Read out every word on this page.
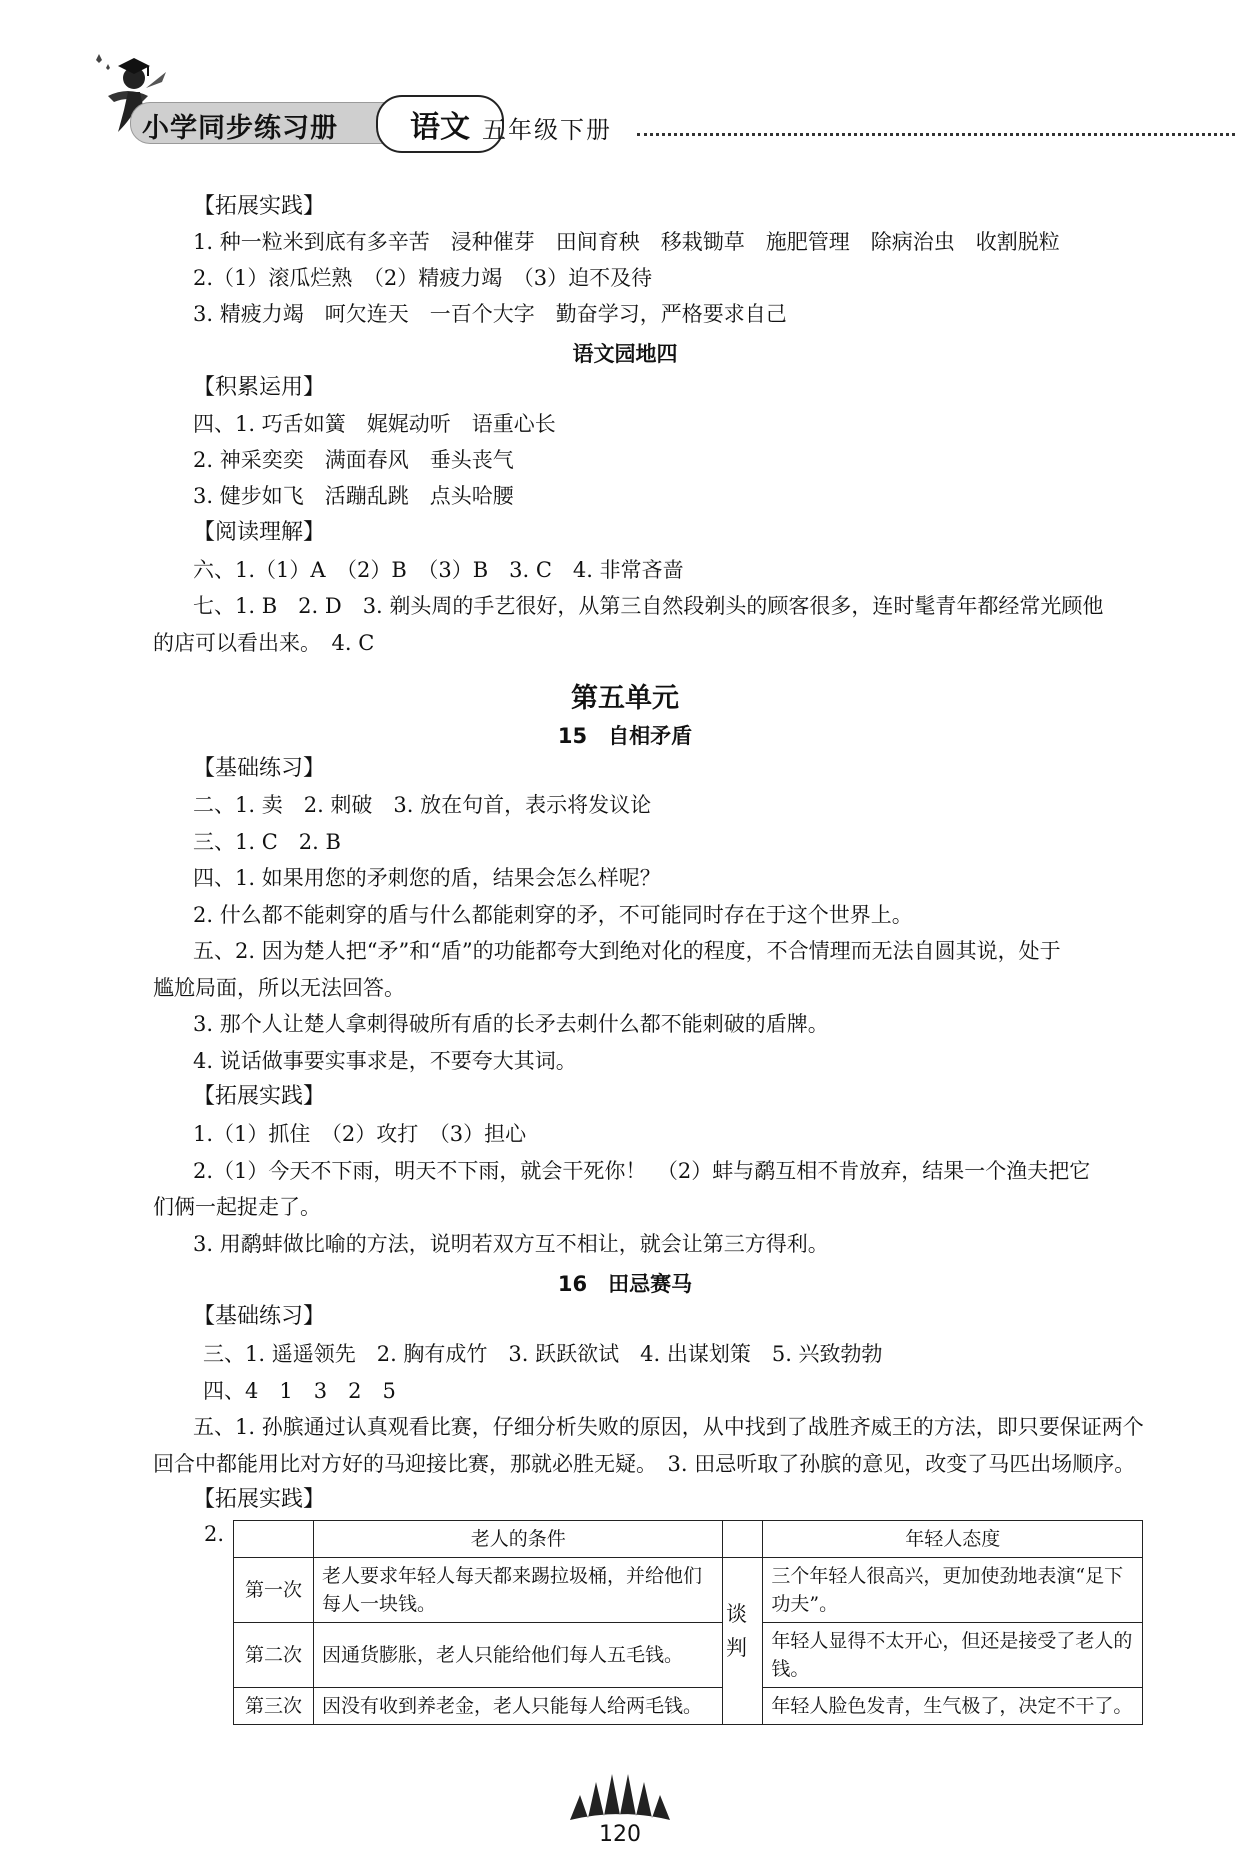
小学同步练习册 语文 五年级下册
【拓展实践】
1. 种一粒米到底有多辛苦　浸种催芽　田间育秧　移栽锄草　施肥管理　除病治虫　收割脱粒
2.（1）滚瓜烂熟　（2）精疲力竭　（3）迫不及待
3. 精疲力竭　呵欠连天　一百个大字　勤奋学习，严格要求自己
语文园地四
【积累运用】
四、1. 巧舌如簧　娓娓动听　语重心长
2. 神采奕奕　满面春风　垂头丧气
3. 健步如飞　活蹦乱跳　点头哈腰
【阅读理解】
六、1.（1）A　（2）B　（3）B　3. C　4. 非常吝啬
七、1. B　2. D　3. 剃头周的手艺很好，从第三自然段剃头的顾客很多，连时髦青年都经常光顾他
的店可以看出来。　4. C
第五单元
15　自相矛盾
【基础练习】
二、1. 卖　2. 刺破　3. 放在句首，表示将发议论
三、1. C　2. B
四、1. 如果用您的矛刺您的盾，结果会怎么样呢？
2. 什么都不能刺穿的盾与什么都能刺穿的矛，不可能同时存在于这个世界上。
五、2. 因为楚人把“矛”和“盾”的功能都夸大到绝对化的程度，不合情理而无法自圆其说，处于
尴尬局面，所以无法回答。
3. 那个人让楚人拿刺得破所有盾的长矛去刺什么都不能刺破的盾牌。
4. 说话做事要实事求是，不要夸大其词。
【拓展实践】
1.（1）抓住　（2）攻打　（3）担心
2.（1）今天不下雨，明天不下雨，就会干死你！　（2）蚌与鹬互相不肯放弃，结果一个渔夫把它
们俩一起捉走了。
3. 用鹬蚌做比喻的方法，说明若双方互不相让，就会让第三方得利。
16　田忌赛马
【基础练习】
三、1. 遥遥领先　2. 胸有成竹　3. 跃跃欲试　4. 出谋划策　5. 兴致勃勃
四、4　1　3　2　5
五、1. 孙膑通过认真观看比赛，仔细分析失败的原因，从中找到了战胜齐威王的方法，即只要保证两个
回合中都能用比对方好的马迎接比赛，那就必胜无疑。　3. 田忌听取了孙膑的意见，改变了马匹出场顺序。
【拓展实践】
2.
		老人的条件		年轻人态度
第一次	老人要求年轻人每天都来踢拉圾桶，并给他们每人一块钱。		三个年轻人很高兴，更加使劲地表演“足下功夫”。
第二次	因通货膨胀，老人只能给他们每人五毛钱。		年轻人显得不太开心，但还是接受了老人的钱。
第三次	因没有收到养老金，老人只能每人给两毛钱。		年轻人脸色发青，生气极了，决定不干了。
谈判
120
